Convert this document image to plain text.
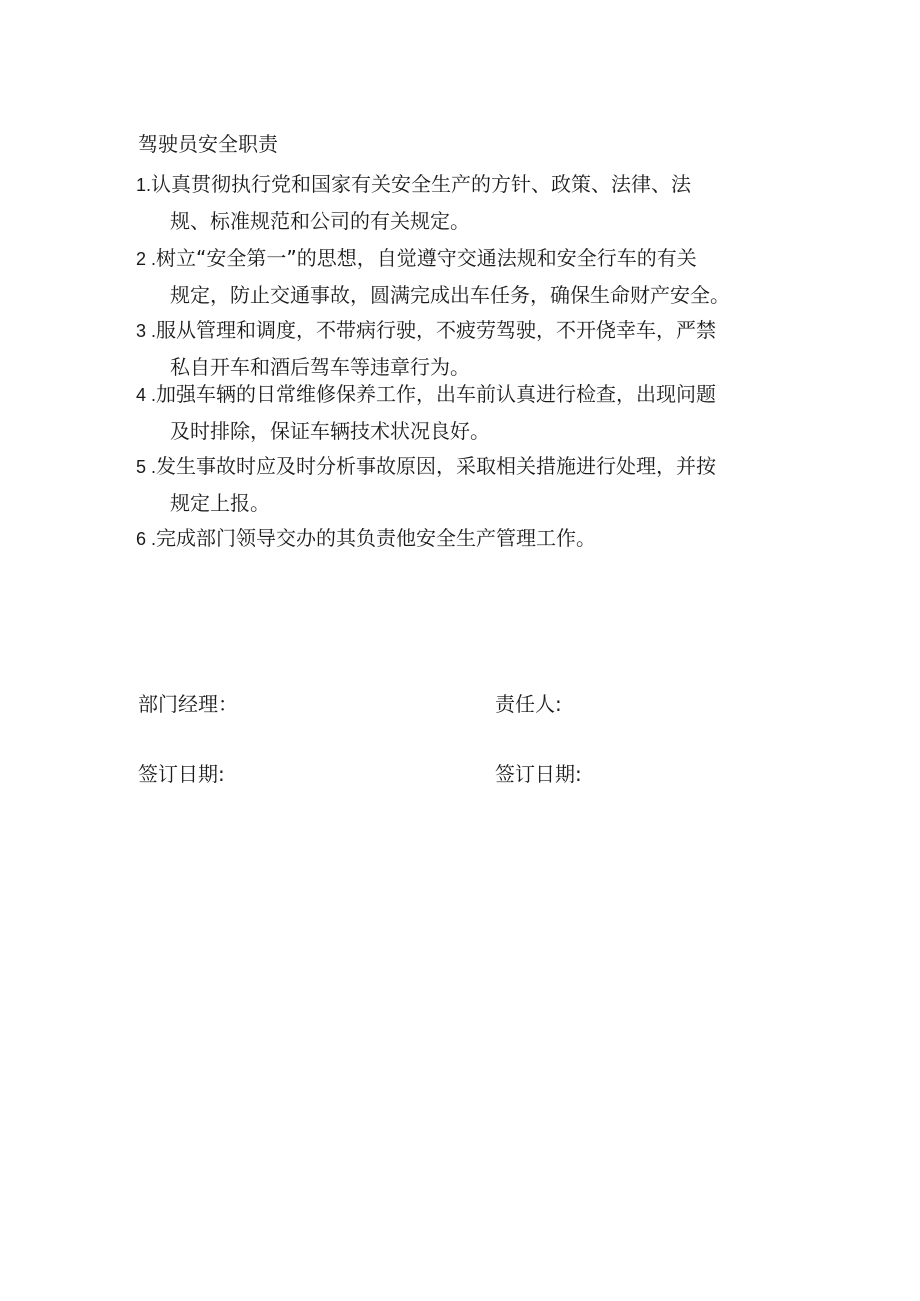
驾驶员安全职责
1.认真贯彻执行党和国家有关安全生产的方针、政策、法律、法
规、标准规范和公司的有关规定。
2 .树立“安全第一”的思想，自觉遵守交通法规和安全行车的有关
规定，防止交通事故，圆满完成出车任务，确保生命财产安全。
3 .服从管理和调度，不带病行驶，不疲劳驾驶，不开侥幸车，严禁
私自开车和酒后驾车等违章行为。
4 .加强车辆的日常维修保养工作，出车前认真进行检查，出现问题
及时排除，保证车辆技术状况良好。
5 .发生事故时应及时分析事故原因，采取相关措施进行处理，并按
规定上报。
6 .完成部门领导交办的其负责他安全生产管理工作。
部门经理：	责任人:
签订日期:	签订日期:
